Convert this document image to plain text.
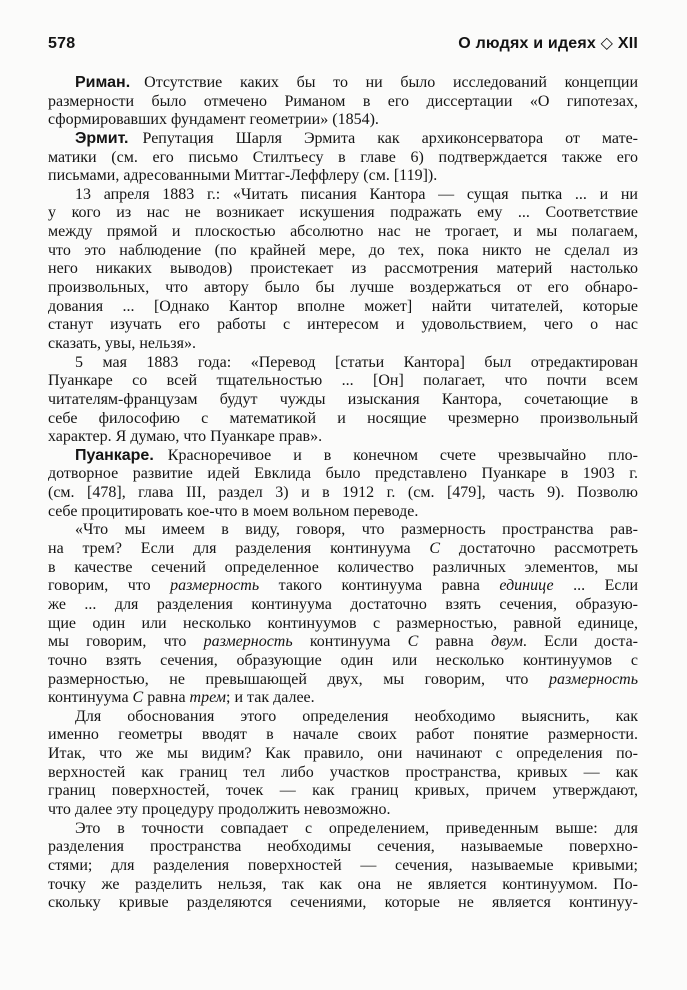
578	О людях и идеях ◇ XII
Риман. Отсутствие каких бы то ни было исследований концепции
размерности было отмечено Риманом в его диссертации «О гипотезах,
сформировавших фундамент геометрии» (1854).
Эрмит. Репутация Шарля Эрмита как архиконсерватора от мате-
матики (см. его письмо Стилтьесу в главе 6) подтверждается также его
письмами, адресованными Миттаг-Леффлеру (см. [119]).
13 апреля 1883 г.: «Читать писания Кантора — сущая пытка ... и ни
у кого из нас не возникает искушения подражать ему ... Соответствие
между прямой и плоскостью абсолютно нас не трогает, и мы полагаем,
что это наблюдение (по крайней мере, до тех, пока никто не сделал из
него никаких выводов) проистекает из рассмотрения материй настолько
произвольных, что автору было бы лучше воздержаться от его обнаро-
дования ... [Однако Кантор вполне может] найти читателей, которые
станут изучать его работы с интересом и удовольствием, чего о нас
сказать, увы, нельзя».
5 мая 1883 года: «Перевод [статьи Кантора] был отредактирован
Пуанкаре со всей тщательностью ... [Он] полагает, что почти всем
читателям-французам будут чужды изыскания Кантора, сочетающие в
себе философию с математикой и носящие чрезмерно произвольный
характер. Я думаю, что Пуанкаре прав».
Пуанкаре. Красноречивое и в конечном счете чрезвычайно пло-
дотворное развитие идей Евклида было представлено Пуанкаре в 1903 г.
(см. [478], глава III, раздел 3) и в 1912 г. (см. [479], часть 9). Позволю
себе процитировать кое-что в моем вольном переводе.
«Что мы имеем в виду, говоря, что размерность пространства рав-
на трем? Если для разделения континуума C достаточно рассмотреть
в качестве сечений определенное количество различных элементов, мы
говорим, что размерность такого континуума равна единице ... Если
же ... для разделения континуума достаточно взять сечения, образую-
щие один или несколько континуумов с размерностью, равной единице,
мы говорим, что размерность континуума C равна двум. Если доста-
точно взять сечения, образующие один или несколько континуумов с
размерностью, не превышающей двух, мы говорим, что размерность
континуума C равна трем; и так далее.
Для обоснования этого определения необходимо выяснить, как
именно геометры вводят в начале своих работ понятие размерности.
Итак, что же мы видим? Как правило, они начинают с определения по-
верхностей как границ тел либо участков пространства, кривых — как
границ поверхностей, точек — как границ кривых, причем утверждают,
что далее эту процедуру продолжить невозможно.
Это в точности совпадает с определением, приведенным выше: для
разделения пространства необходимы сечения, называемые поверхно-
стями; для разделения поверхностей — сечения, называемые кривыми;
точку же разделить нельзя, так как она не является континуумом. По-
скольку кривые разделяются сечениями, которые не является континуу-
